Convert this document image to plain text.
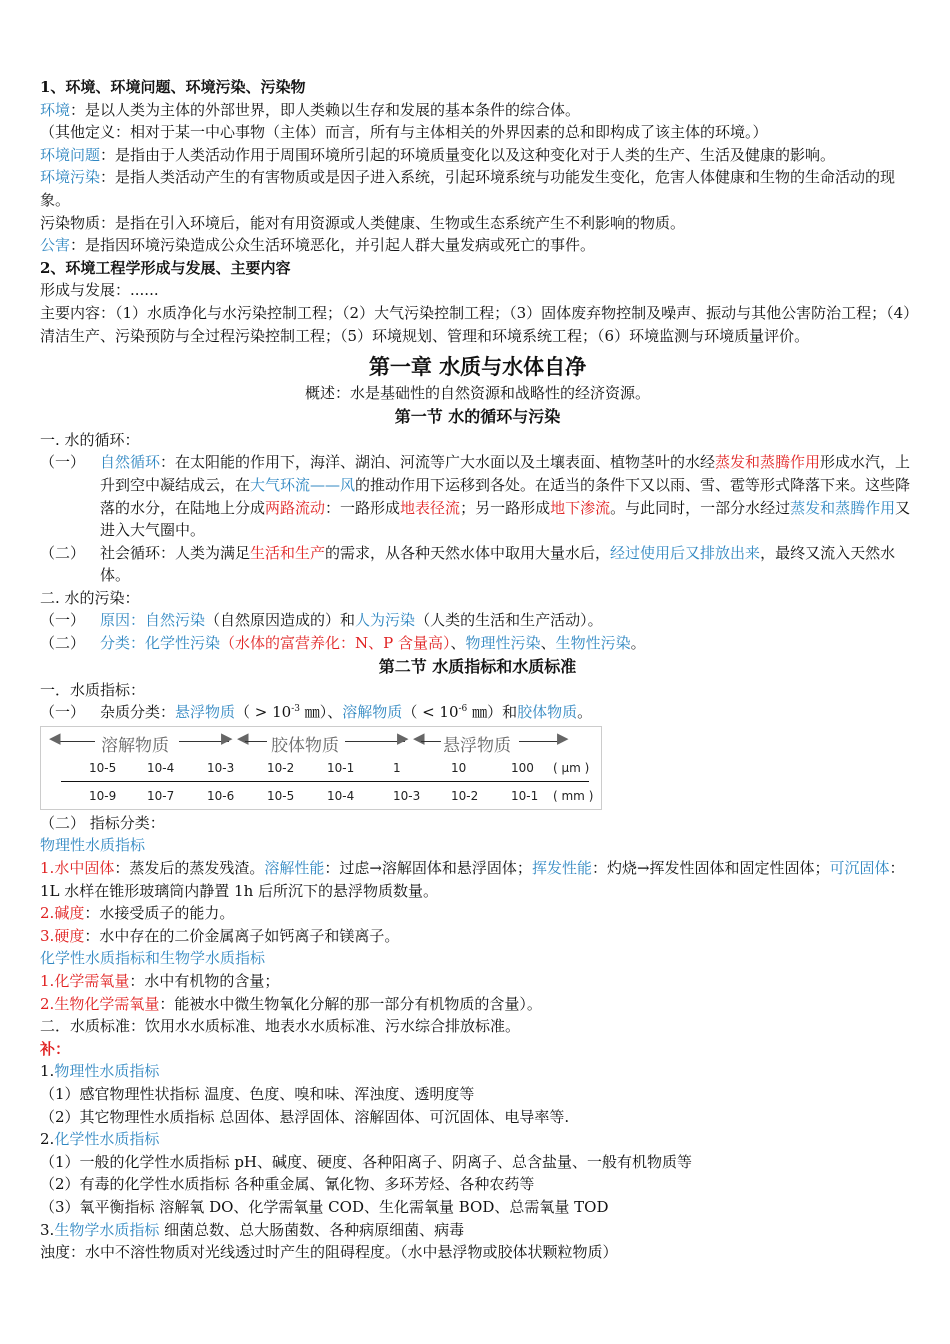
1、环境、环境问题、环境污染、污染物
环境：是以人类为主体的外部世界，即人类赖以生存和发展的基本条件的综合体。
（其他定义：相对于某一中心事物（主体）而言，所有与主体相关的外界因素的总和即构成了该主体的环境。）
环境问题：是指由于人类活动作用于周围环境所引起的环境质量变化以及这种变化对于人类的生产、生活及健康的影响。
环境污染：是指人类活动产生的有害物质或是因子进入系统，引起环境系统与功能发生变化，危害人体健康和生物的生命活动的现象。
污染物质：是指在引入环境后，能对有用资源或人类健康、生物或生态系统产生不利影响的物质。
公害：是指因环境污染造成公众生活环境恶化，并引起人群大量发病或死亡的事件。
2、环境工程学形成与发展、主要内容
形成与发展：......
主要内容：（1）水质净化与水污染控制工程；（2）大气污染控制工程；（3）固体废弃物控制及噪声、振动与其他公害防治工程；（4）清洁生产、污染预防与全过程污染控制工程；（5）环境规划、管理和环境系统工程；（6）环境监测与环境质量评价。
第一章 水质与水体自净
概述：水是基础性的自然资源和战略性的经济资源。
第一节 水的循环与污染
一. 水的循环：
（一） 自然循环：在太阳能的作用下，海洋、湖泊、河流等广大水面以及土壤表面、植物茎叶的水经蒸发和蒸腾作用形成水汽，上升到空中凝结成云，在大气环流——风的推动作用下运移到各处。在适当的条件下又以雨、雪、雹等形式降落下来。这些降落的水分，在陆地上分成两路流动：一路形成地表径流；另一路形成地下渗流。与此同时，一部分水经过蒸发和蒸腾作用又进入大气圈中。
（二） 社会循环：人类为满足生活和生产的需求，从各种天然水体中取用大量水后，经过使用后又排放出来，最终又流入天然水体。
二. 水的污染：
（一） 原因：自然污染（自然原因造成的）和人为污染（人类的生活和生产活动）。
（二） 分类：化学性污染（水体的富营养化：N、P 含量高）、物理性污染、生物性污染。
第二节 水质指标和水质标准
一．水质指标：
（一） 杂质分类：悬浮物质（ > $10^{-3}$ ㎜）、溶解物质（ < $10^{-6}$ ㎜）和胶体物质。
◀ 溶解物质	▶ ◀ 胶体物质	▶ ◀ 悬浮物质	▶
( μm )
( mm )
10-5	10-4	10-3	10-2	10-1	1	10	100
10-9	10-7	10-6	10-5	10-4	10-3	10-2	10-1
（二） 指标分类：
物理性水质指标
1.水中固体：蒸发后的蒸发残渣。溶解性能：过虑→溶解固体和悬浮固体；挥发性能：灼烧→挥发性固体和固定性固体；可沉固体：1L 水样在锥形玻璃筒内静置 1h 后所沉下的悬浮物质数量。
2.碱度：水接受质子的能力。
3.硬度：水中存在的二价金属离子如钙离子和镁离子。
化学性水质指标和生物学水质指标
1.化学需氧量：水中有机物的含量；
2.生物化学需氧量：能被水中微生物氧化分解的那一部分有机物质的含量）。
二．水质标准：饮用水水质标准、地表水水质标准、污水综合排放标准。
补：
1.物理性水质指标
（1）感官物理性状指标 温度、色度、嗅和味、浑浊度、透明度等
（2）其它物理性水质指标 总固体、悬浮固体、溶解固体、可沉固体、电导率等.
2.化学性水质指标
（1）一般的化学性水质指标 pH、碱度、硬度、各种阳离子、阴离子、总含盐量、一般有机物质等
（2）有毒的化学性水质指标 各种重金属、氰化物、多环芳烃、各种农药等
（3）氧平衡指标 溶解氧 DO、化学需氧量 COD、生化需氧量 BOD、总需氧量 TOD
3.生物学水质指标 细菌总数、总大肠菌数、各种病原细菌、病毒
浊度：水中不溶性物质对光线透过时产生的阻碍程度。（水中悬浮物或胶体状颗粒物质）
